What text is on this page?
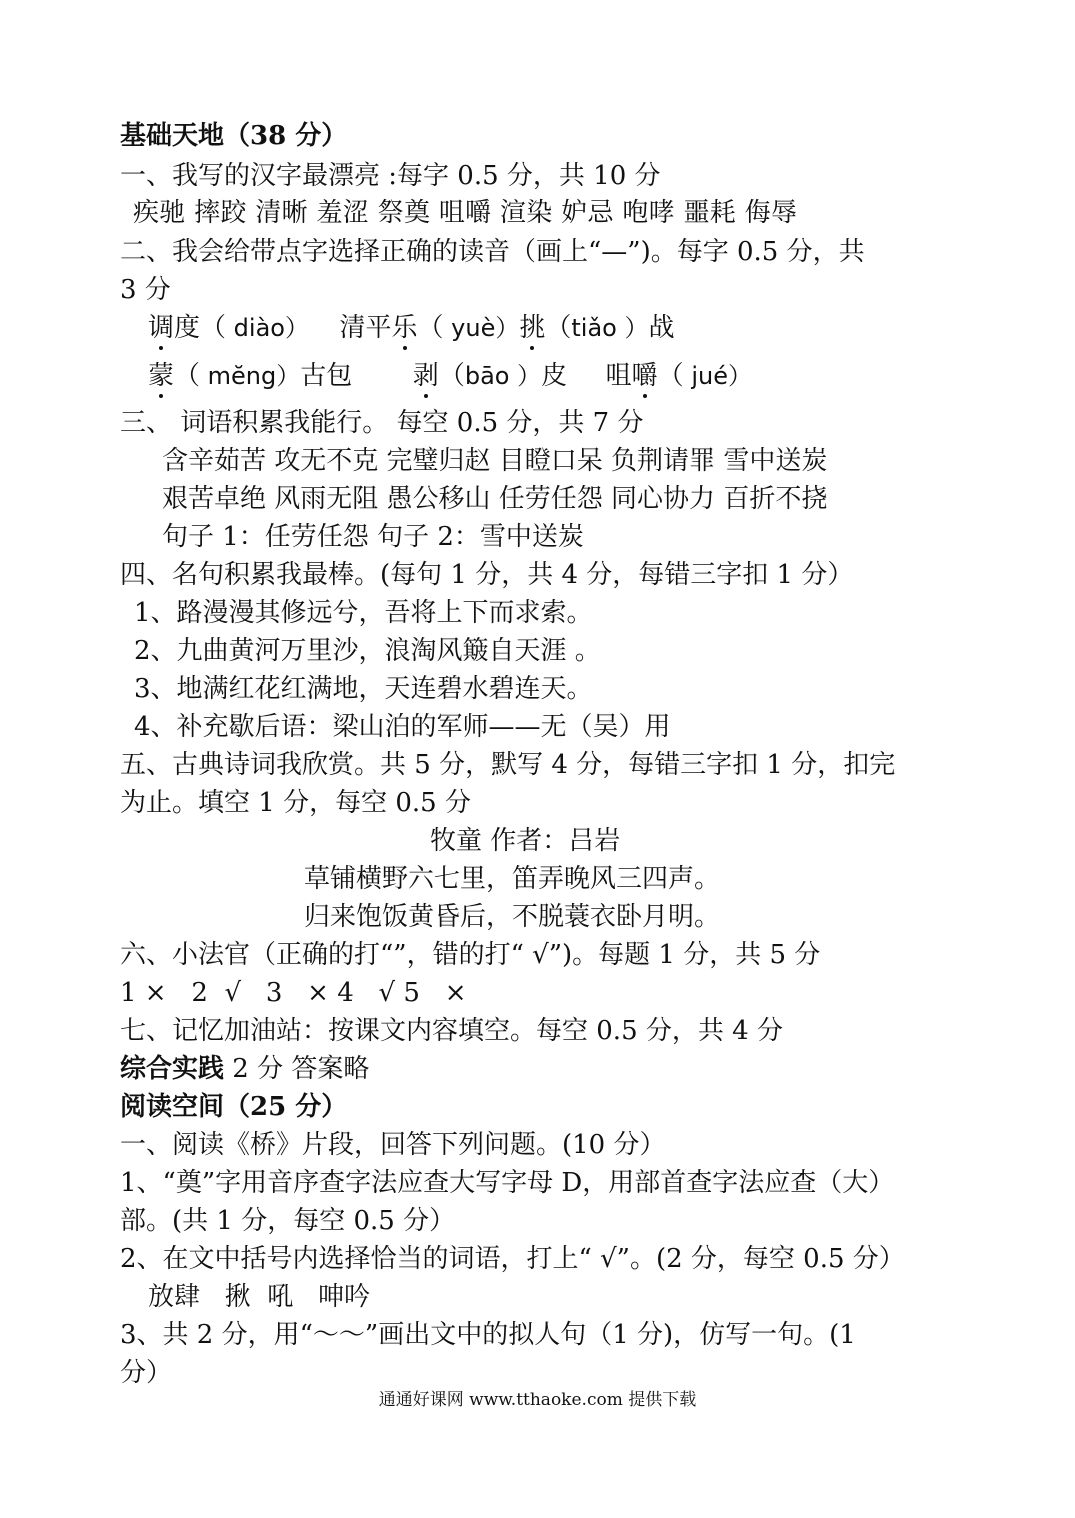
基础天地（38 分）
一、我写的汉字最漂亮 :每字 0.5 分，共 10 分
疾驰 摔跤 清晰 羞涩 祭奠 咀嚼 渲染 妒忌 咆哮 噩耗 侮辱
二、我会给带点字选择正确的读音（画上“—”)。每字 0.5 分，共
3 分
调度（ diào） 清平乐（ yuè）挑（tiǎo ）战
蒙（ mĕng）古包 剥（bāo ）皮 咀嚼（ jué）
三、 词语积累我能行。 每空 0.5 分，共 7 分
含辛茹苦 攻无不克 完璧归赵 目瞪口呆 负荆请罪 雪中送炭
艰苦卓绝 风雨无阻 愚公移山 任劳任怨 同心协力 百折不挠
句子 1：任劳任怨 句子 2：雪中送炭
四、名句积累我最棒。(每句 1 分，共 4 分，每错三字扣 1 分）
1、路漫漫其修远兮，吾将上下而求索。
2、九曲黄河万里沙，浪淘风簸自天涯 。
3、地满红花红满地，天连碧水碧连天。
4、补充歇后语：梁山泊的军师——无（吴）用
五、古典诗词我欣赏。共 5 分，默写 4 分，每错三字扣 1 分，扣完
为止。填空 1 分，每空 0.5 分
牧童 作者：吕岩
草铺横野六七里，笛弄晚风三四声。
归来饱饭黄昏后，不脱蓑衣卧月明。
六、小法官（正确的打“”，错的打“ √”)。每题 1 分，共 5 分
1 ×   2  √   3   × 4   √ 5   ×
七、记忆加油站：按课文内容填空。每空 0.5 分，共 4 分
综合实践 2 分 答案略
阅读空间（25 分）
一、阅读《桥》片段，回答下列问题。(10 分）
1、“奠”字用音序查字法应查大写字母 D，用部首查字法应查（大）
部。(共 1 分，每空 0.5 分）
2、在文中括号内选择恰当的词语，打上“ √”。(2 分，每空 0.5 分）
放肆   揪  吼   呻吟
3、共 2 分，用“～～”画出文中的拟人句（1 分)，仿写一句。(1
分）
通通好课网 www.tthaoke.com 提供下载
